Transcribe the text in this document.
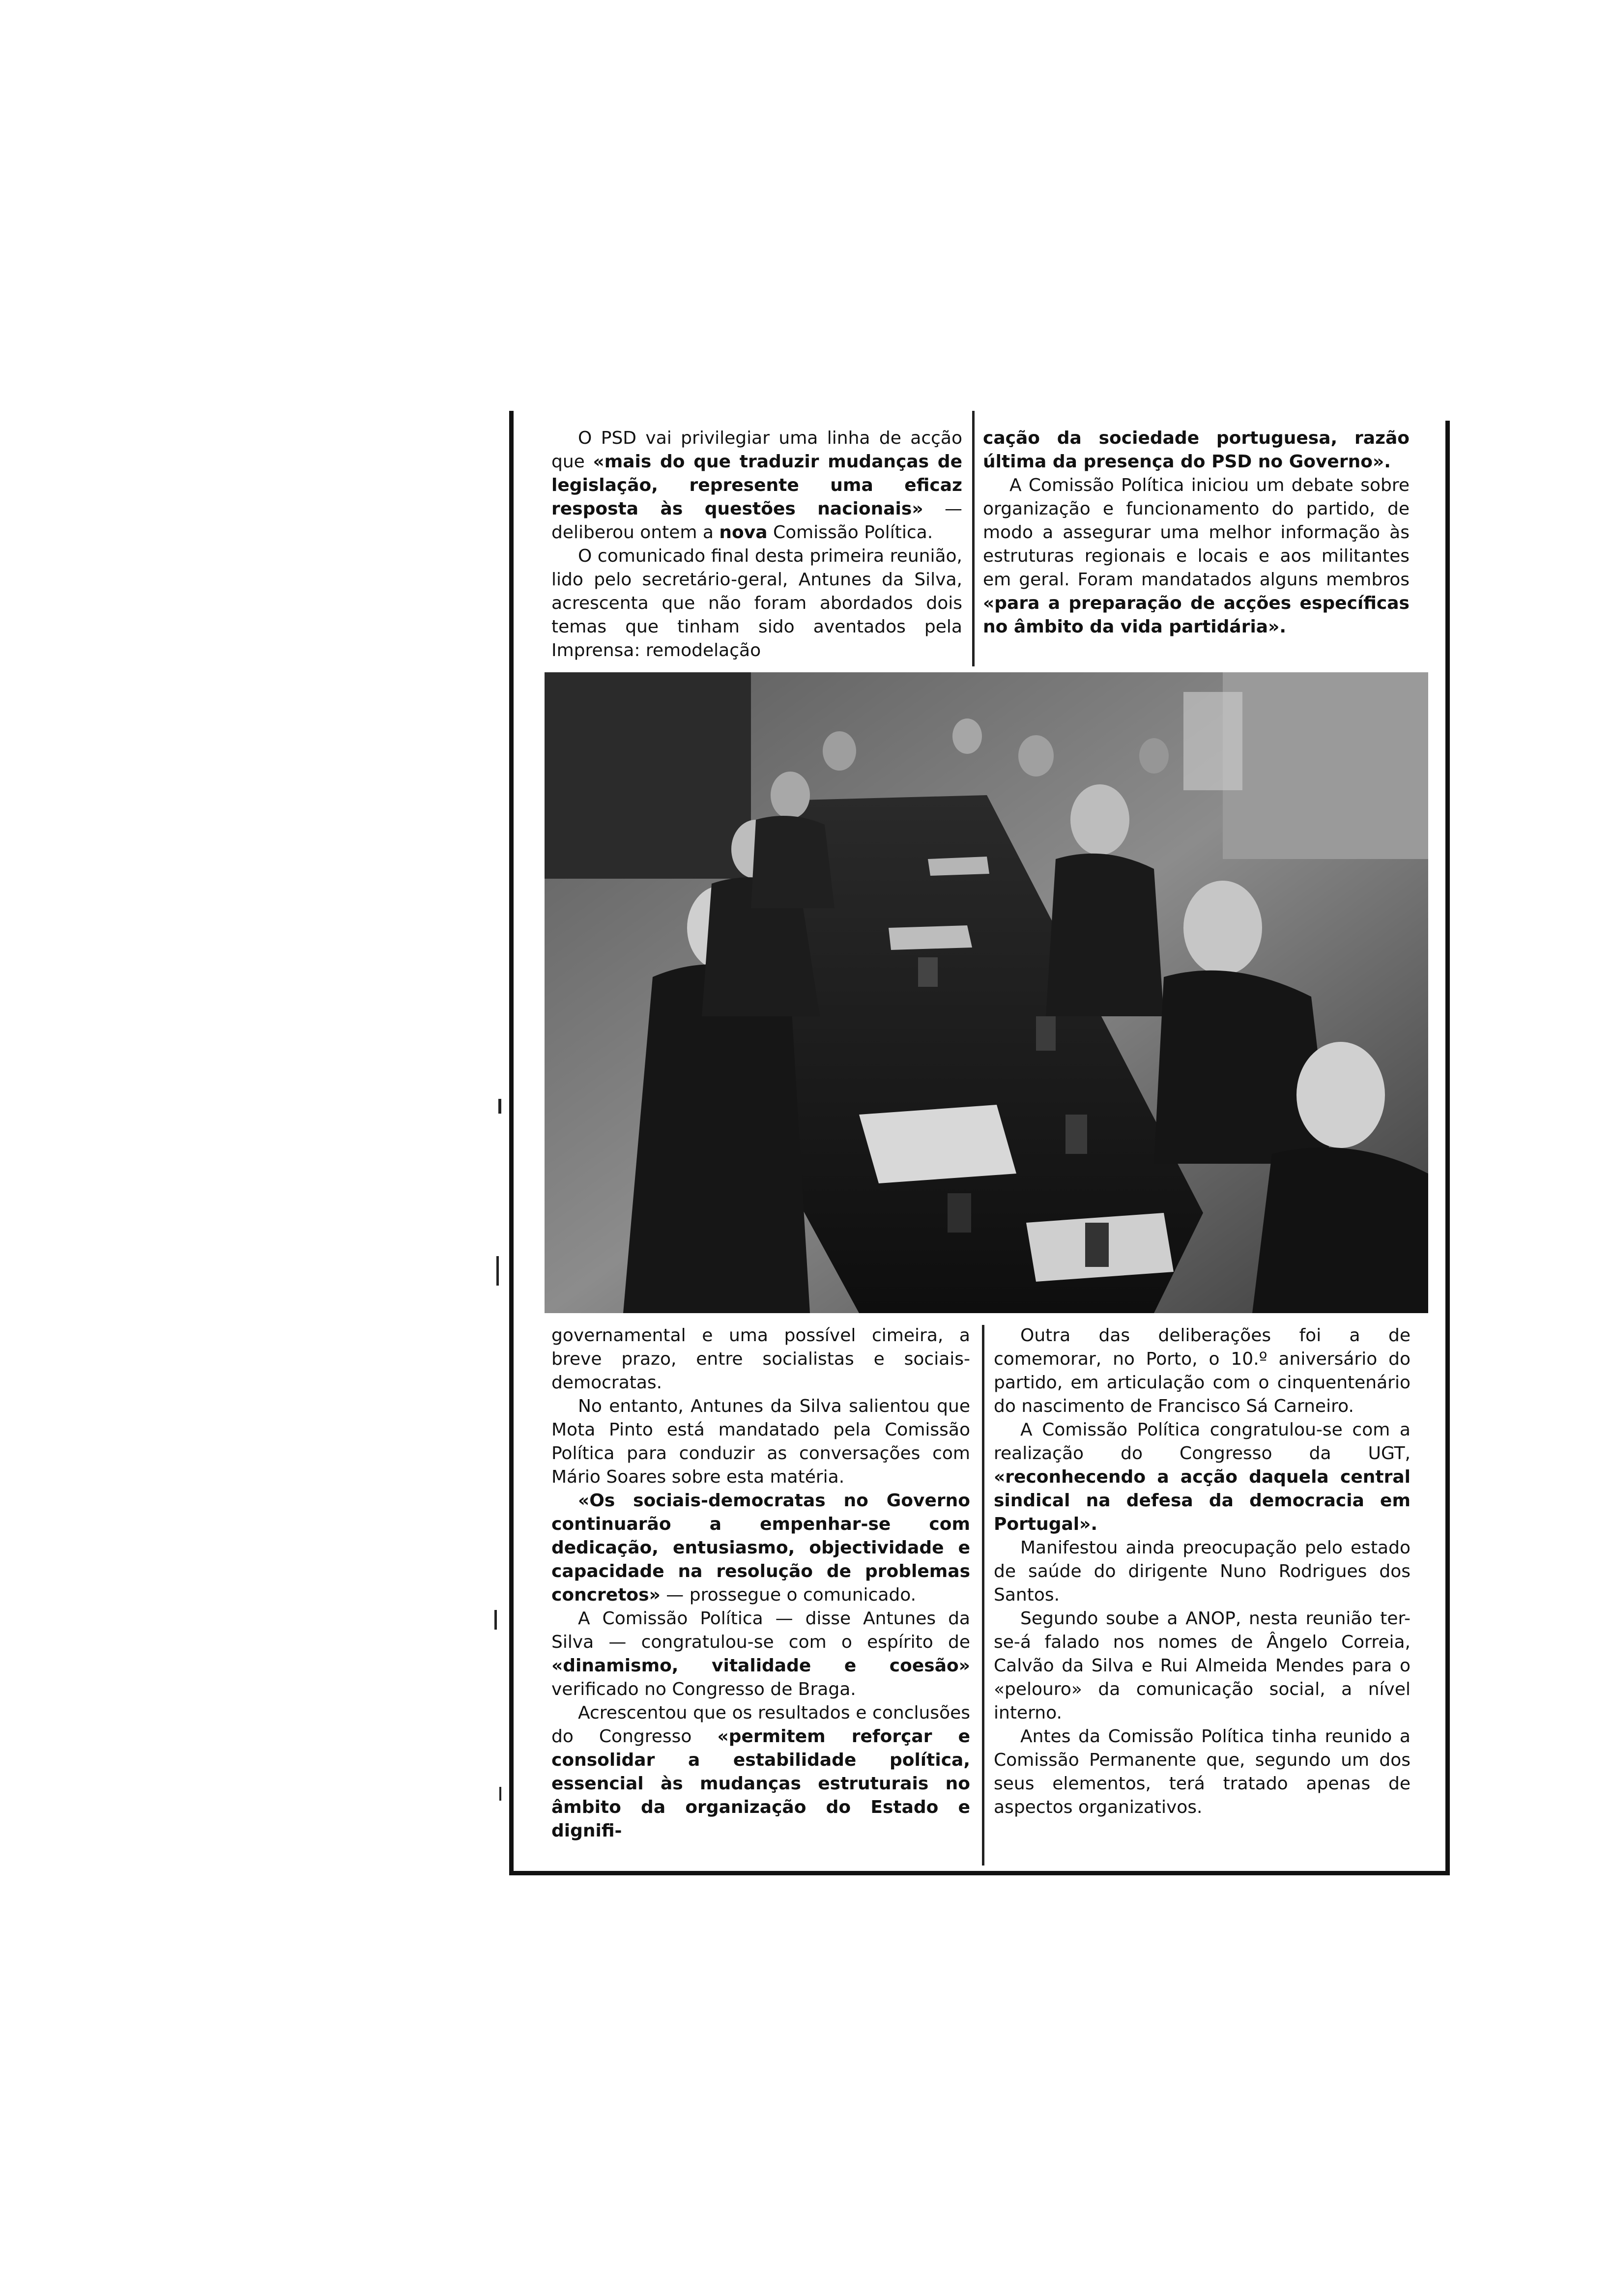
O PSD vai privilegiar uma linha de acção que «mais do que traduzir mudanças de legislação, represente uma eficaz resposta às questões nacionais» — deliberou ontem a nova Comissão Política.

O comunicado final desta primeira reunião, lido pelo secretário-geral, Antunes da Silva, acrescenta que não foram abordados dois temas que tinham sido aventados pela Imprensa: remodelação

cação da sociedade portuguesa, razão última da presença do PSD no Governo».

A Comissão Política iniciou um debate sobre organização e funcionamento do partido, de modo a assegurar uma melhor informação às estruturas regionais e locais e aos militantes em geral. Foram mandatados alguns membros «para a preparação de acções específicas no âmbito da vida partidária».

governamental e uma possível cimeira, a breve prazo, entre socialistas e sociais-democratas.

No entanto, Antunes da Silva salientou que Mota Pinto está mandatado pela Comissão Política para conduzir as conversações com Mário Soares sobre esta matéria.

«Os sociais-democratas no Governo continuarão a empenhar-se com dedicação, entusiasmo, objectividade e capacidade na resolução de problemas concretos» — prossegue o comunicado.

A Comissão Política — disse Antunes da Silva — congratulou-se com o espírito de «dinamismo, vitalidade e coesão» verificado no Congresso de Braga.

Acrescentou que os resultados e conclusões do Congresso «permitem reforçar e consolidar a estabilidade política, essencial às mudanças estruturais no âmbito da organização do Estado e dignifi-

Outra das deliberações foi a de comemorar, no Porto, o 10.º aniversário do partido, em articulação com o cinquentenário do nascimento de Francisco Sá Carneiro.

A Comissão Política congratulou-se com a realização do Congresso da UGT, «reconhecendo a acção daquela central sindical na defesa da democracia em Portugal».

Manifestou ainda preocupação pelo estado de saúde do dirigente Nuno Rodrigues dos Santos.

Segundo soube a ANOP, nesta reunião ter-se-á falado nos nomes de Ângelo Correia, Calvão da Silva e Rui Almeida Mendes para o «pelouro» da comunicação social, a nível interno.

Antes da Comissão Política tinha reunido a Comissão Permanente que, segundo um dos seus elementos, terá tratado apenas de aspectos organizativos.
